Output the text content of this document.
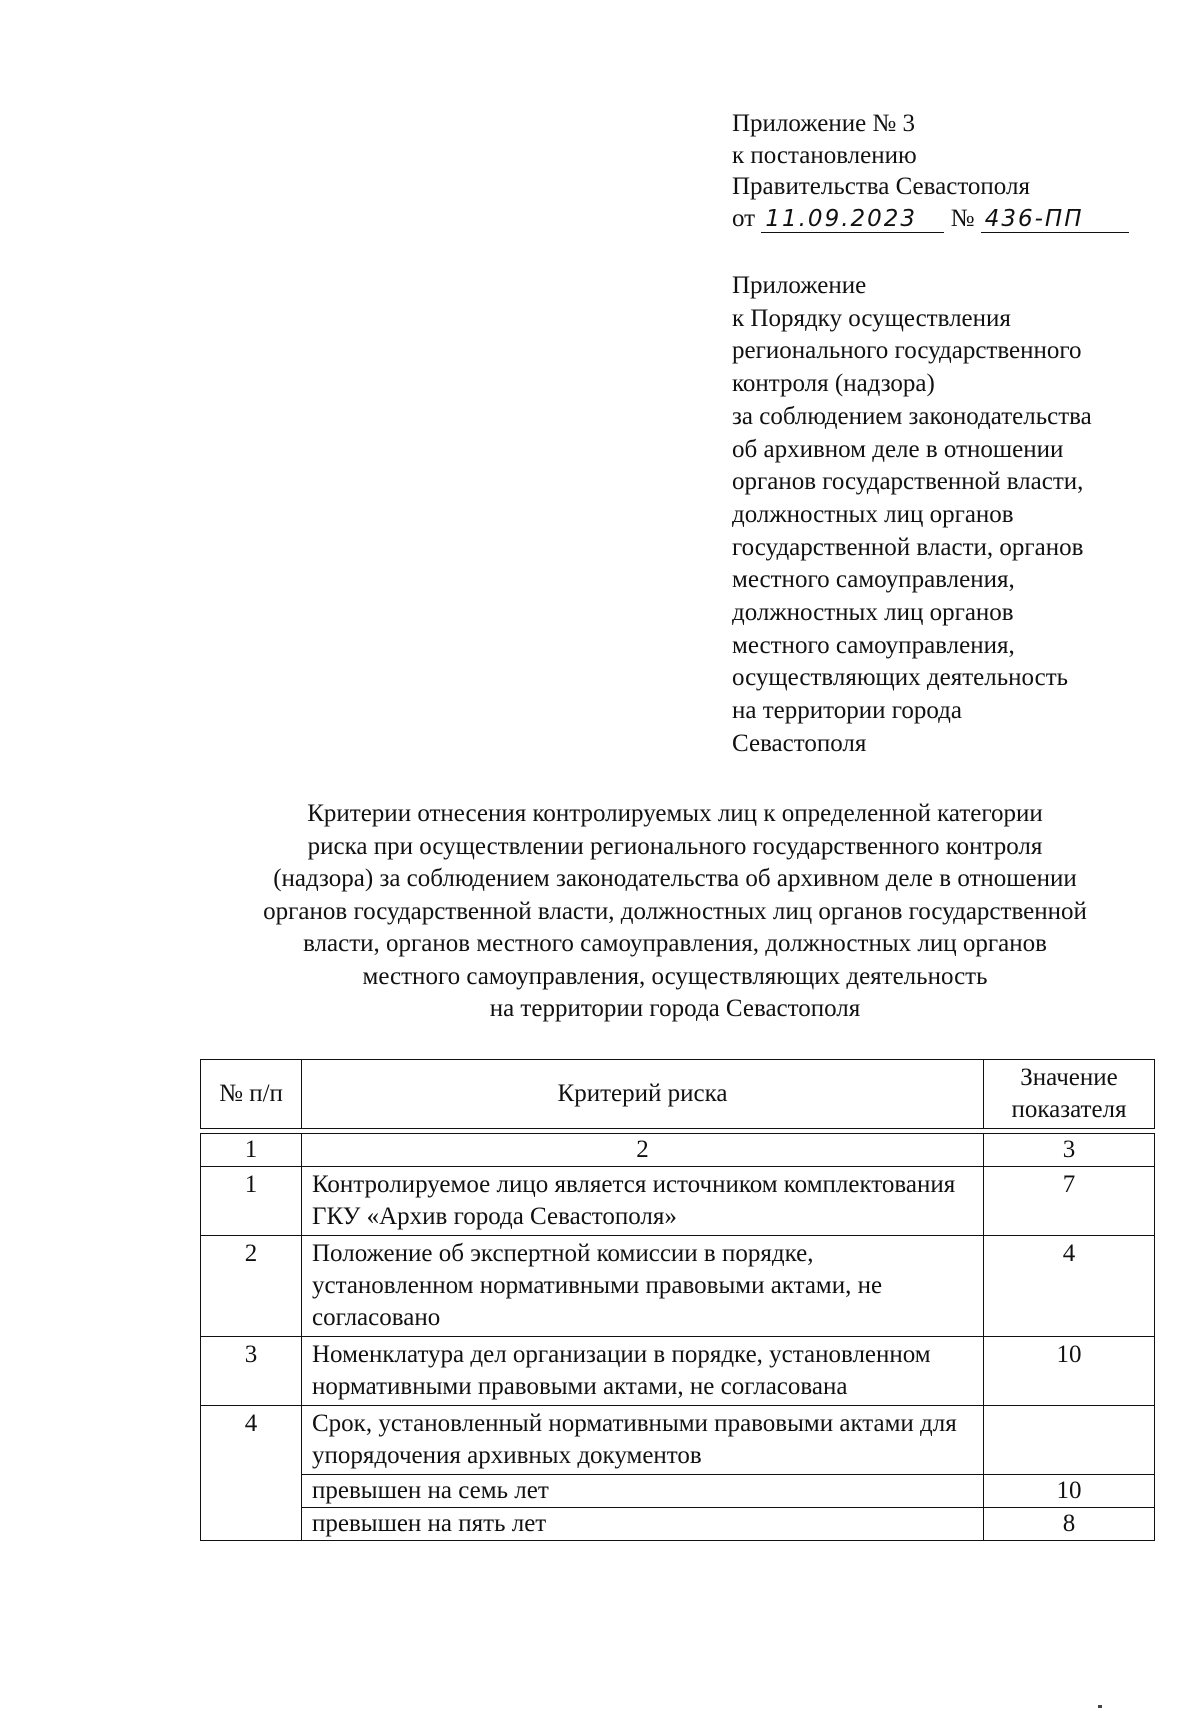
Приложение № 3
к постановлению
Правительства Севастополя
от 11.09.2023 № 436-ПП
Приложение
к Порядку осуществления
регионального государственного
контроля (надзора)
за соблюдением законодательства
об архивном деле в отношении
органов государственной власти,
должностных лиц органов
государственной власти, органов
местного самоуправления,
должностных лиц органов
местного самоуправления,
осуществляющих деятельность
на территории города
Севастополя
Критерии отнесения контролируемых лиц к определенной категории
риска при осуществлении регионального государственного контроля
(надзора) за соблюдением законодательства об архивном деле в отношении
органов государственной власти, должностных лиц органов государственной
власти, органов местного самоуправления, должностных лиц органов
местного самоуправления, осуществляющих деятельность
на территории города Севастополя
№ п/п	Критерий риска	Значение показателя

1	2	3
1	Контролируемое лицо является источником комплектования ГКУ «Архив города Севастополя»	7
2	Положение об экспертной комиссии в порядке, установленном нормативными правовыми актами, не согласовано	4
3	Номенклатура дел организации в порядке, установленном нормативными правовыми актами, не согласована	10
4	Срок, установленный нормативными правовыми актами для упорядочения архивных документов	
	превышен на семь лет	10
	превышен на пять лет	8
